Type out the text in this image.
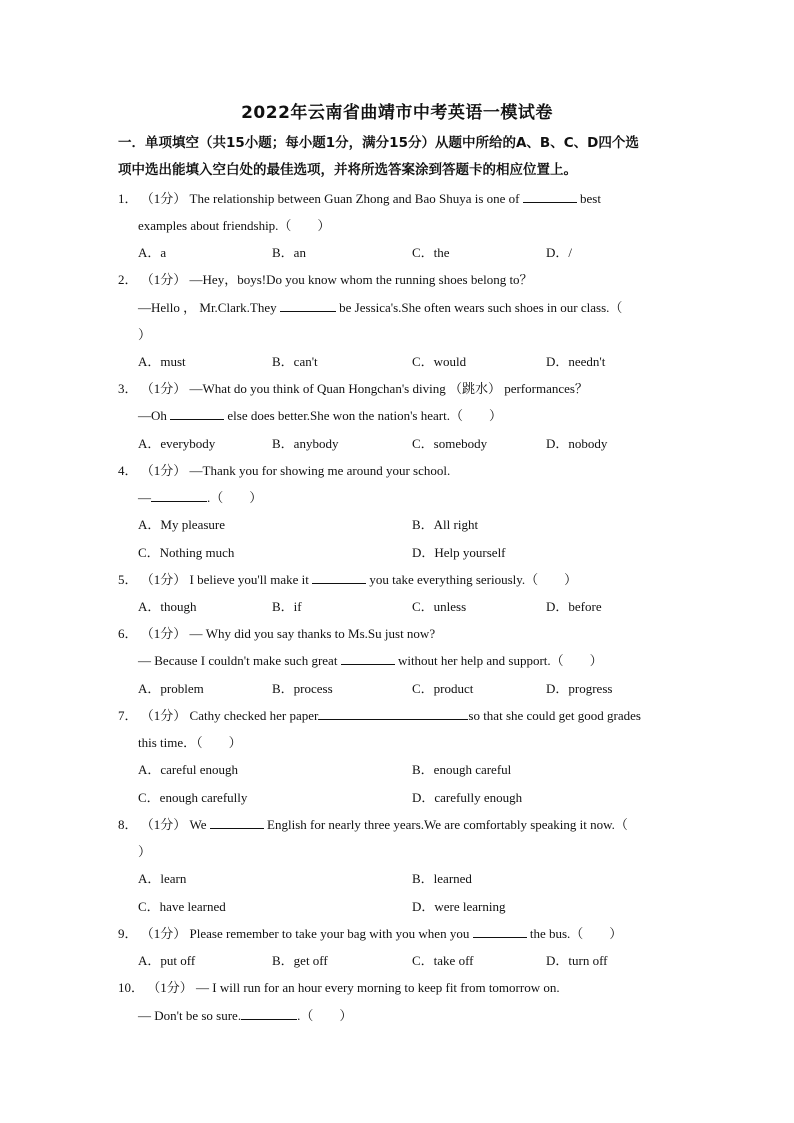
2022年云南省曲靖市中考英语一模试卷
一．单项填空（共15小题；每小题1分，满分15分）从题中所给的A、B、C、D四个选
项中选出能填入空白处的最佳选项，并将所选答案涂到答题卡的相应位置上。
1． （1分） The relationship between Guan Zhong and Bao Shuya is one of	best
examples about friendship.（　　）
A．a	B．an	C．the	D．/
2． （1分） —Hey，boys!Do you know whom the running shoes belong to？
—Hello ， Mr.Clark.They	be Jessica's.She often wears such shoes in our class.（
）
A．must	B．can't	C．would	D．needn't
3． （1分） —What do you think of Quan Hongchan's diving （跳水） performances？
—Oh	else does better.She won the nation's heart.（　　）
A．everybody	B．anybody	C．somebody	D．nobody
4． （1分） —Thank you for showing me around your school.
—	.（　　）
A．My pleasure	B．All right
C．Nothing much	D．Help yourself
5． （1分） I believe you'll make it	you take everything seriously.（　　）
A．though	B．if	C．unless	D．before
6． （1分） — Why did you say thanks to Ms.Su just now?
— Because I couldn't make such great	without her help and support.（　　）
A．problem	B．process	C．product	D．progress
7． （1分） Cathy checked her paper	so that she could get good grades
this time．（　　）
A．careful enough	B．enough careful
C．enough carefully	D．carefully enough
8． （1分） We	English for nearly three years.We are comfortably speaking it now.（
）
A．learn	B．learned
C．have learned	D．were learning
9． （1分） Please remember to take your bag with you when you	the bus.（　　）
A．put off	B．get off	C．take off	D．turn off
10． （1分） — I will run for an hour every morning to keep fit from tomorrow on.
— Don't be so sure.	.（　　）
